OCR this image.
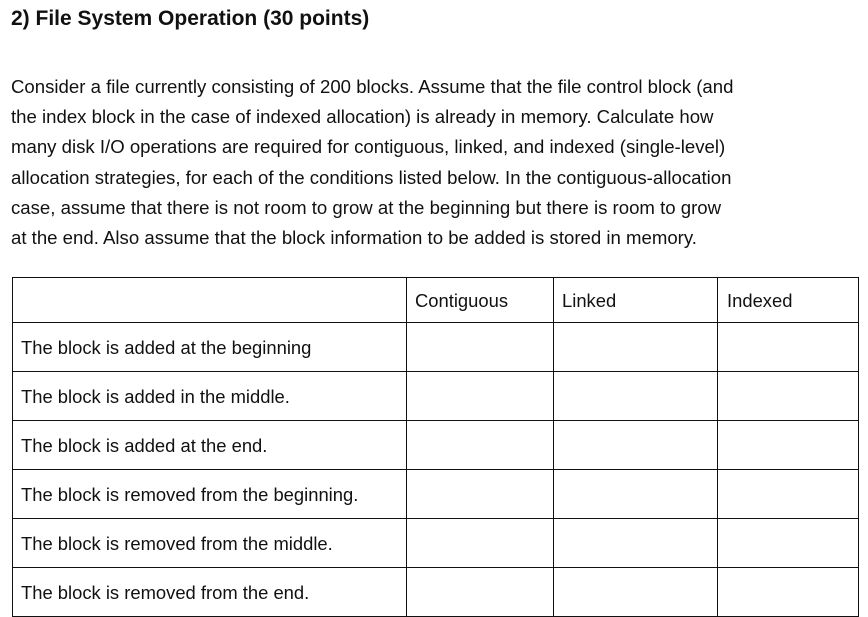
2) File System Operation (30 points)
Consider a file currently consisting of 200 blocks. Assume that the file control block (and
the index block in the case of indexed allocation) is already in memory. Calculate how
many disk I/O operations are required for contiguous, linked, and indexed (single-level)
allocation strategies, for each of the conditions listed below. In the contiguous-allocation
case, assume that there is not room to grow at the beginning but there is room to grow
at the end. Also assume that the block information to be added is stored in memory.
	Contiguous	Linked	Indexed
The block is added at the beginning			
The block is added in the middle.			
The block is added at the end.			
The block is removed from the beginning.			
The block is removed from the middle.			
The block is removed from the end.			
